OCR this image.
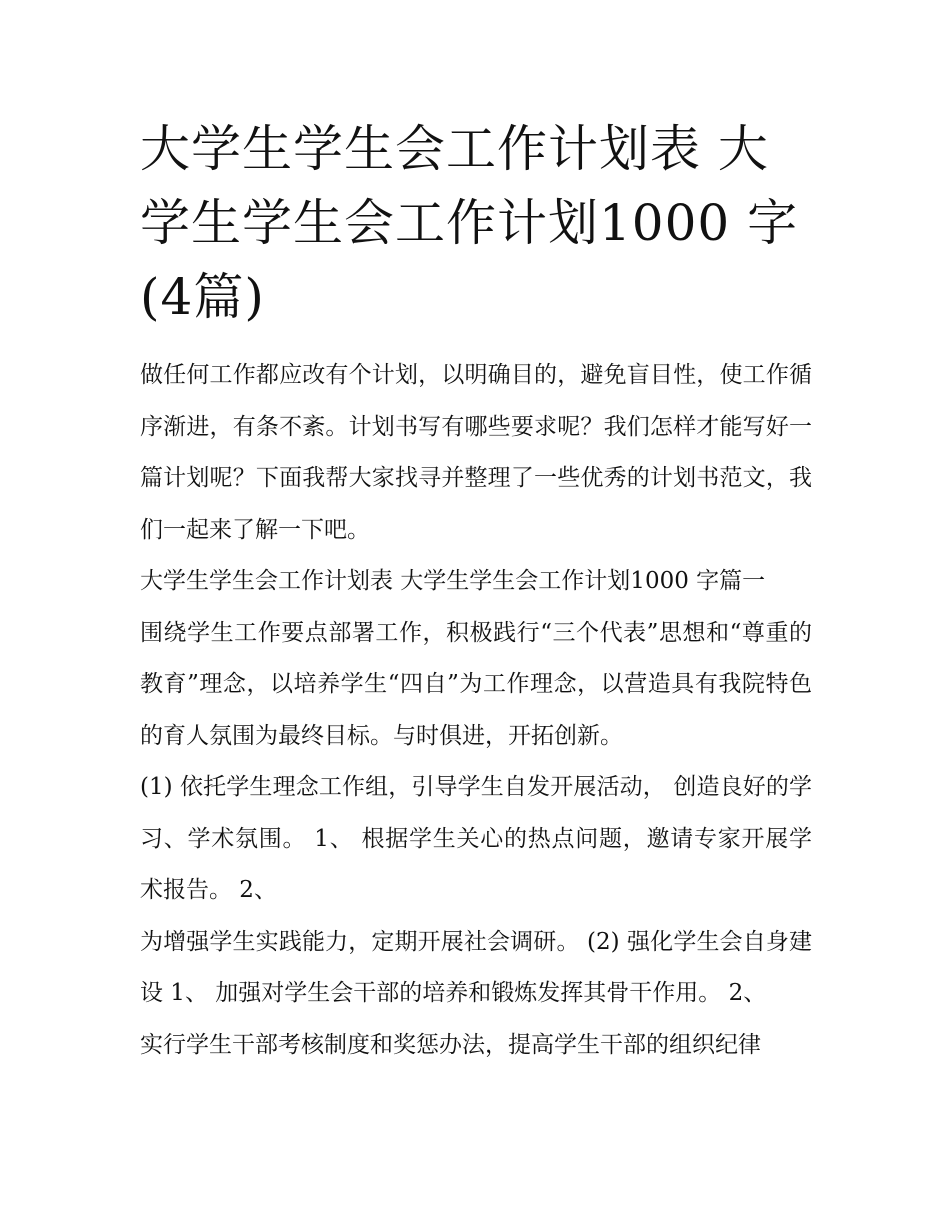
大学生学生会工作计划表 大学生学生会工作计划1000 字(4篇)

做任何工作都应改有个计划，以明确目的，避免盲目性，使工作循序渐进，有条不紊。计划书写有哪些要求呢？我们怎样才能写好一篇计划呢？下面我帮大家找寻并整理了一些优秀的计划书范文，我们一起来了解一下吧。

大学生学生会工作计划表 大学生学生会工作计划1000 字篇一

围绕学生工作要点部署工作，积极践行“三个代表”思想和“尊重的教育”理念，以培养学生“四自”为工作理念，以营造具有我院特色的育人氛围为最终目标。与时俱进，开拓创新。

(1) 依托学生理念工作组，引导学生自发开展活动， 创造良好的学习、学术氛围。 1、 根据学生关心的热点问题，邀请专家开展学术报告。 2、

为增强学生实践能力，定期开展社会调研。 (2) 强化学生会自身建设 1、 加强对学生会干部的培养和锻炼发挥其骨干作用。 2、

实行学生干部考核制度和奖惩办法，提高学生干部的组织纪律
